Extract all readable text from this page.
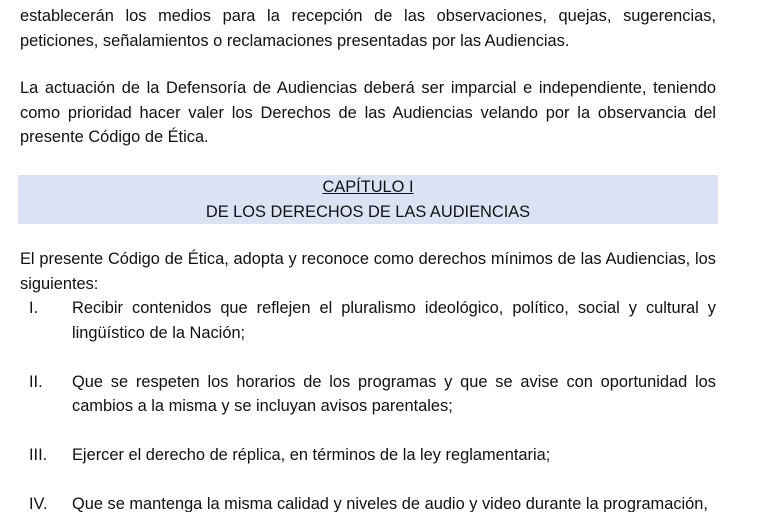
establecerán los medios para la recepción de las observaciones, quejas, sugerencias, peticiones, señalamientos o reclamaciones presentadas por las Audiencias.

La actuación de la Defensoría de Audiencias deberá ser imparcial e independiente, teniendo como prioridad hacer valer los Derechos de las Audiencias velando por la observancia del presente Código de Ética.

CAPÍTULO I
DE LOS DERECHOS DE LAS AUDIENCIAS

El presente Código de Ética, adopta y reconoce como derechos mínimos de las Audiencias, los siguientes:

I.	Recibir contenidos que reflejen el pluralismo ideológico, político, social y cultural y lingüístico de la Nación;
II.	Que se respeten los horarios de los programas y que se avise con oportunidad los cambios a la misma y se incluyan avisos parentales;
III.	Ejercer el derecho de réplica, en términos de la ley reglamentaria;
IV.	Que se mantenga la misma calidad y niveles de audio y video durante la programación,
